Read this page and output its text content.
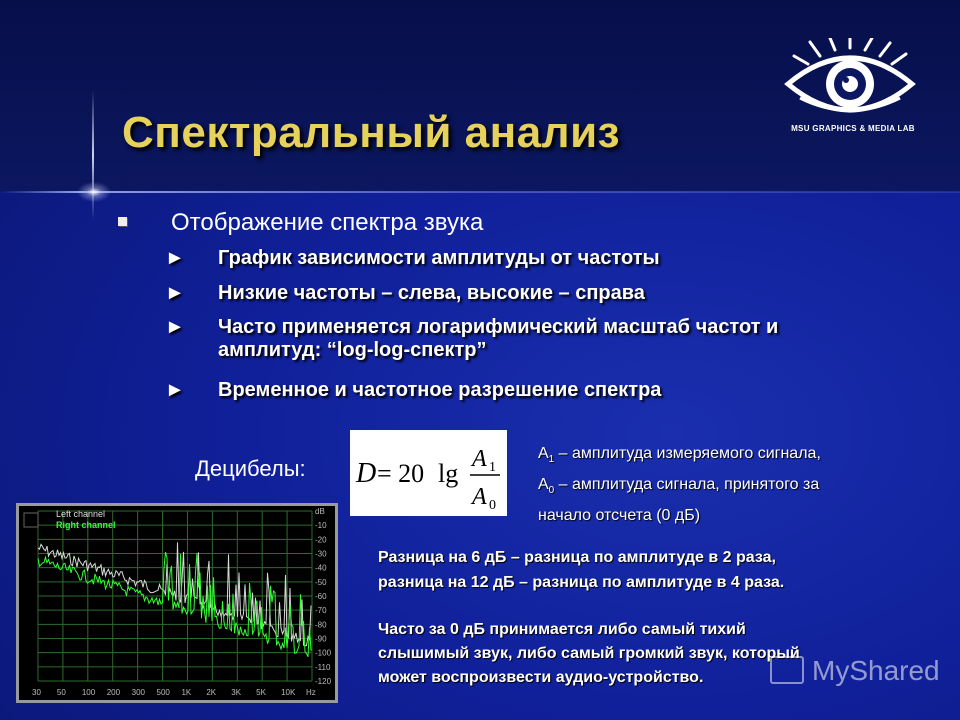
Спектральный анализ	MSU GRAPHICS & MEDIA LAB
Отображение спектра звука
► График зависимости амплитуды от частоты
► Низкие частоты – слева, высокие – справа
► Часто применяется логарифмический масштаб частот и
амплитуд: “log-log-спектр”
► Временное и частотное разрешение спектра
Децибелы: D = 20 lg A 1
A 0
$A_1$ – амплитуда измеряемого сигнала,
$A_0$ – амплитуда сигнала, принятого за
начало отсчета (0 дБ)
Разница на 6 дБ – разница по амплитуде в 2 раза,
разница на 12 дБ – разница по амплитуде в 4 раза.
Часто за 0 дБ принимается либо самый тихий
слышимый звук, либо самый громкий звук, который
может воспроизвести аудио-устройство.
dB
-10
-20
-30
-40
-50
-60
-70
-80
-90
-100
-110
-120
30 50 100 200 300 500 1K 2K 3K 5K 10K Hz
Left channel
Right channel
MyShared
